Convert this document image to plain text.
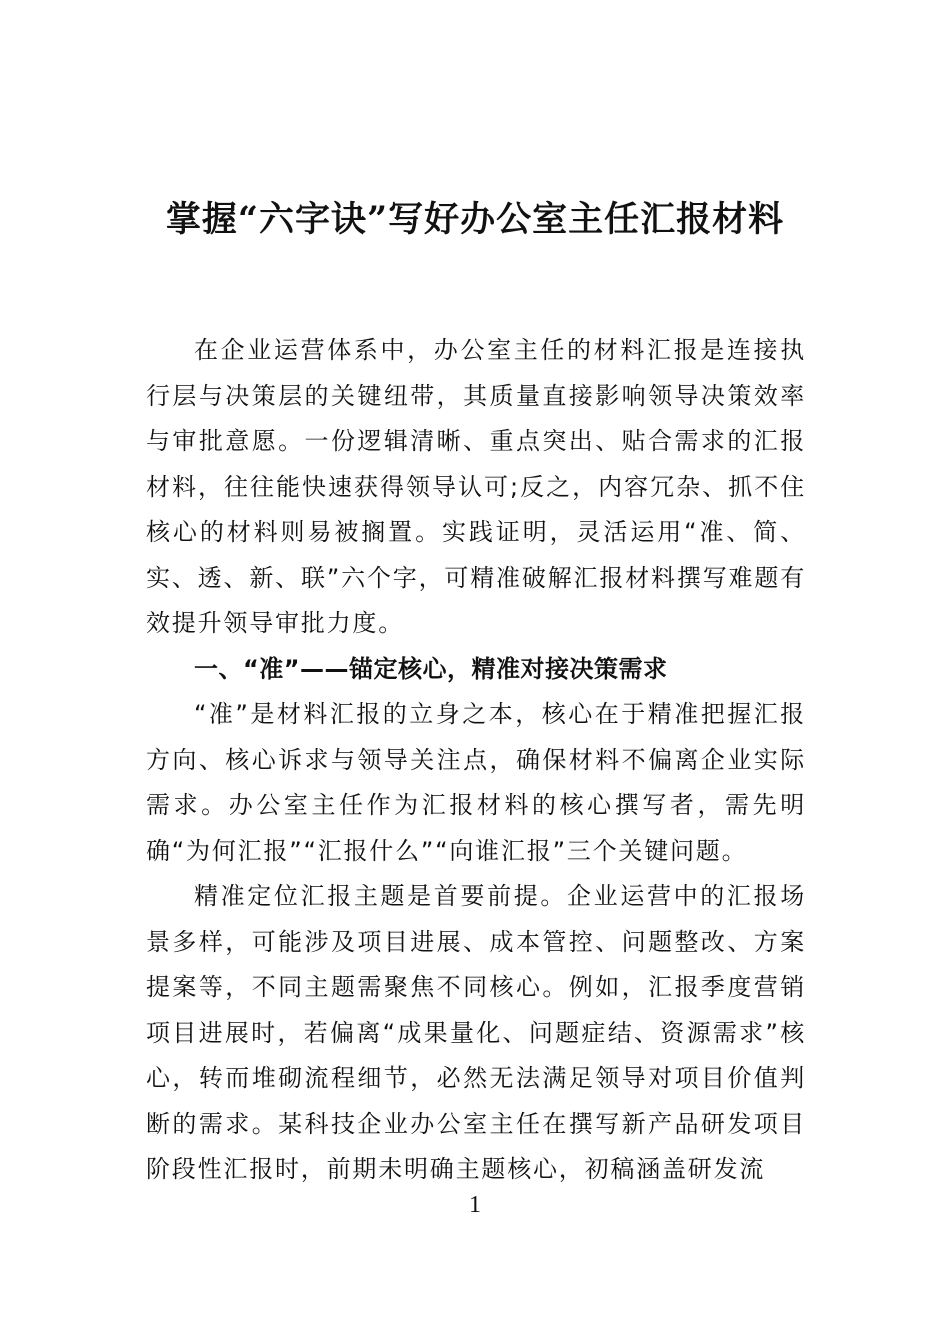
掌握“六字诀”写好办公室主任汇报材料

在企业运营体系中，办公室主任的材料汇报是连接执行层与决策层的关键纽带，其质量直接影响领导决策效率与审批意愿。一份逻辑清晰、重点突出、贴合需求的汇报材料，往往能快速获得领导认可;反之，内容冗杂、抓不住核心的材料则易被搁置。实践证明，灵活运用“准、简、实、透、新、联”六个字，可精准破解汇报材料撰写难题有效提升领导审批力度。

一、“准”——锚定核心，精准对接决策需求

“准”是材料汇报的立身之本，核心在于精准把握汇报方向、核心诉求与领导关注点，确保材料不偏离企业实际需求。办公室主任作为汇报材料的核心撰写者，需先明确“为何汇报”“汇报什么”“向谁汇报”三个关键问题。

精准定位汇报主题是首要前提。企业运营中的汇报场景多样，可能涉及项目进展、成本管控、问题整改、方案提案等，不同主题需聚焦不同核心。例如，汇报季度营销项目进展时，若偏离“成果量化、问题症结、资源需求”核心，转而堆砌流程细节，必然无法满足领导对项目价值判断的需求。某科技企业办公室主任在撰写新产品研发项目阶段性汇报时，前期未明确主题核心，初稿涵盖研发流

1
